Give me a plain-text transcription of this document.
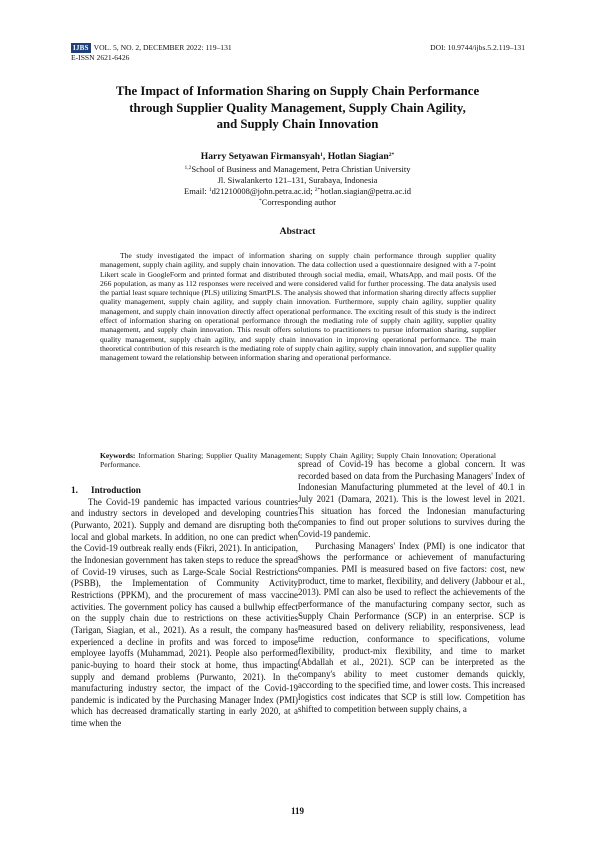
IJBS VOL. 5, NO. 2, DECEMBER 2022: 119–131	DOI: 10.9744/ijbs.5.2.119–131
E-ISSN 2621-6426
The Impact of Information Sharing on Supply Chain Performance
through Supplier Quality Management, Supply Chain Agility,
and Supply Chain Innovation
Harry Setyawan Firmansyah$^1$, Hotlan Siagian$^{2*}$
$^{1,2}$School of Business and Management, Petra Christian University
Jl. Siwalankerto 121–131, Surabaya, Indonesia
Email: $^1$d21210008@john.petra.ac.id; $^{2*}$hotlan.siagian@petra.ac.id
*Corresponding author
Abstract

The study investigated the impact of information sharing on supply chain performance through supplier quality management, supply chain agility, and supply chain innovation. The data collection used a questionnaire designed with a 7-point Likert scale in GoogleForm and printed format and distributed through social media, email, WhatsApp, and mail posts. Of the 266 population, as many as 112 responses were received and were considered valid for further processing. The data analysis used the partial least square technique (PLS) utilizing SmartPLS. The analysis showed that information sharing directly affects supplier quality management, supply chain agility, and supply chain innovation. Furthermore, supply chain agility, supplier quality management, and supply chain innovation directly affect operational performance. The exciting result of this study is the indirect effect of information sharing on operational performance through the mediating role of supply chain agility, supplier quality management, and supply chain innovation. This result offers solutions to practitioners to pursue information sharing, supplier quality management, supply chain agility, and supply chain innovation in improving operational performance. The main theoretical contribution of this research is the mediating role of supply chain agility, supply chain innovation, and supplier quality management toward the relationship between information sharing and operational performance.

Keywords: Information Sharing; Supplier Quality Management; Supply Chain Agility; Supply Chain Innovation; Operational Performance.

1. Introduction

The Covid-19 pandemic has impacted various countries and industry sectors in developed and developing countries (Purwanto, 2021). Supply and demand are disrupting both the local and global markets. In addition, no one can predict when the Covid-19 outbreak really ends (Fikri, 2021). In anticipation, the Indonesian government has taken steps to reduce the spread of Covid-19 viruses, such as Large-Scale Social Restrictions (PSBB), the Implementation of Community Activity Restrictions (PPKM), and the procurement of mass vaccine activities. The government policy has caused a bullwhip effect on the supply chain due to restrictions on these activities (Tarigan, Siagian, et al., 2021). As a result, the company has experienced a decline in profits and was forced to impose employee layoffs (Muhammad, 2021). People also performed panic-buying to hoard their stock at home, thus impacting supply and demand problems (Purwanto, 2021). In the manufacturing industry sector, the impact of the Covid-19 pandemic is indicated by the Purchasing Manager Index (PMI) which has decreased dramatically starting in early 2020, at a time when the

spread of Covid-19 has become a global concern. It was recorded based on data from the Purchasing Managers' Index of Indonesian Manufacturing plummeted at the level of 40.1 in July 2021 (Damara, 2021). This is the lowest level in 2021. This situation has forced the Indonesian manufacturing companies to find out proper solutions to survives during the Covid-19 pandemic.

Purchasing Managers' Index (PMI) is one indicator that shows the performance or achievement of manufacturing companies. PMI is measured based on five factors: cost, new product, time to market, flexibility, and delivery (Jabbour et al., 2013). PMI can also be used to reflect the achievements of the performance of the manufacturing company sector, such as Supply Chain Performance (SCP) in an enterprise. SCP is measured based on delivery reliability, responsiveness, lead time reduction, conformance to specifications, volume flexibility, product-mix flexibility, and time to market (Abdallah et al., 2021). SCP can be interpreted as the company's ability to meet customer demands quickly, according to the specified time, and lower costs. This increased logistics cost indicates that SCP is still low. Competition has shifted to competition between supply chains, a

119
